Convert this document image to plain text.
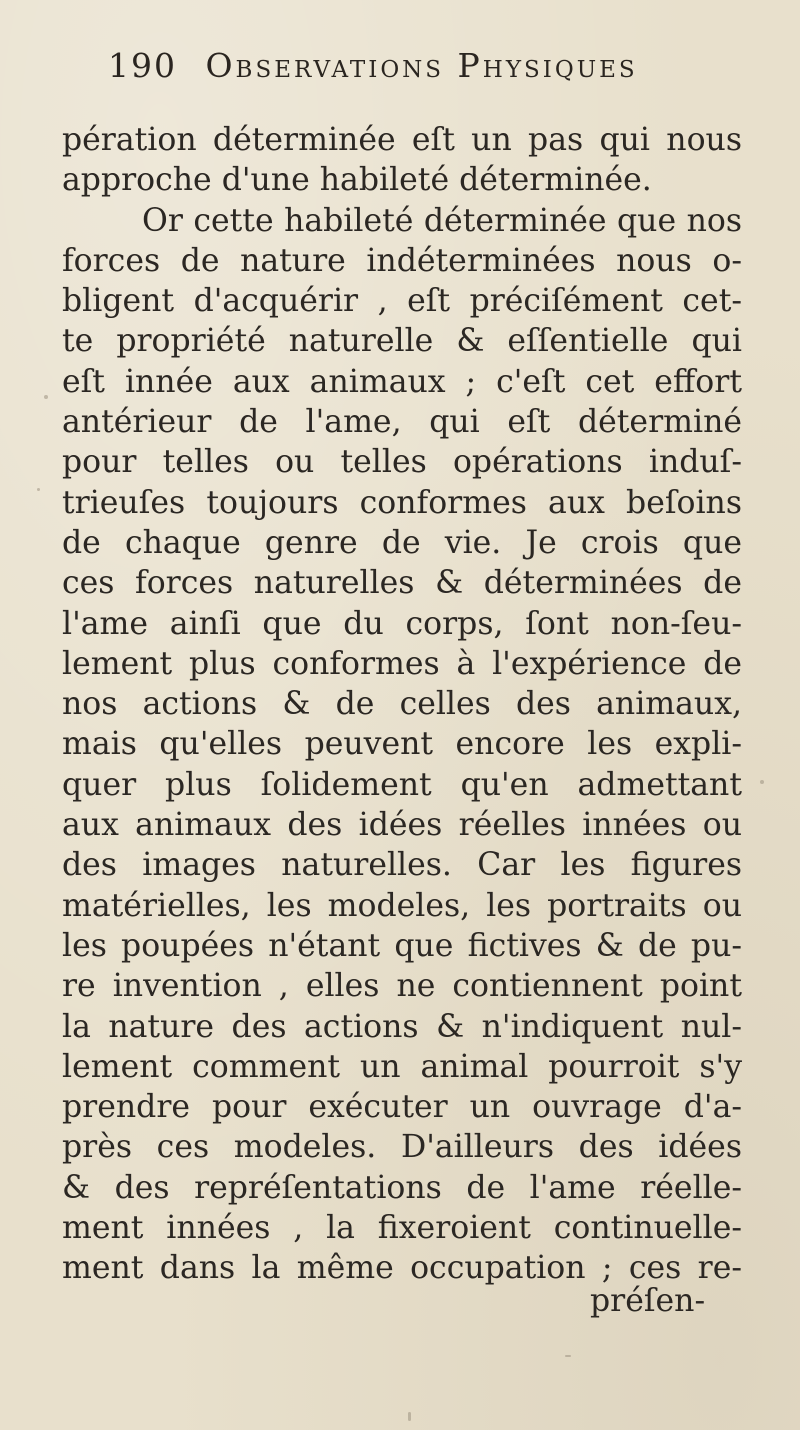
190 Observations Physiques
pération déterminée eſt un pas qui nous
approche d'une habileté déterminée.
Or cette habileté déterminée que nos
forces de nature indéterminées nous o-
bligent d'acquérir , eſt préciſément cet-
te propriété naturelle & eſſentielle qui
eſt innée aux animaux ; c'eſt cet effort
antérieur de l'ame, qui eſt déterminé
pour telles ou telles opérations induſ-
trieuſes toujours conformes aux beſoins
de chaque genre de vie. Je crois que
ces forces naturelles & déterminées de
l'ame ainſi que du corps, ſont non-ſeu-
lement plus conformes à l'expérience de
nos actions & de celles des animaux,
mais qu'elles peuvent encore les expli-
quer plus ſolidement qu'en admettant
aux animaux des idées réelles innées ou
des images naturelles. Car les figures
matérielles, les modeles, les portraits ou
les poupées n'étant que fictives & de pu-
re invention , elles ne contiennent point
la nature des actions & n'indiquent nul-
lement comment un animal pourroit s'y
prendre pour exécuter un ouvrage d'a-
près ces modeles. D'ailleurs des idées
& des repréſentations de l'ame réelle-
ment innées , la fixeroient continuelle-
ment dans la même occupation ; ces re-
préſen-
